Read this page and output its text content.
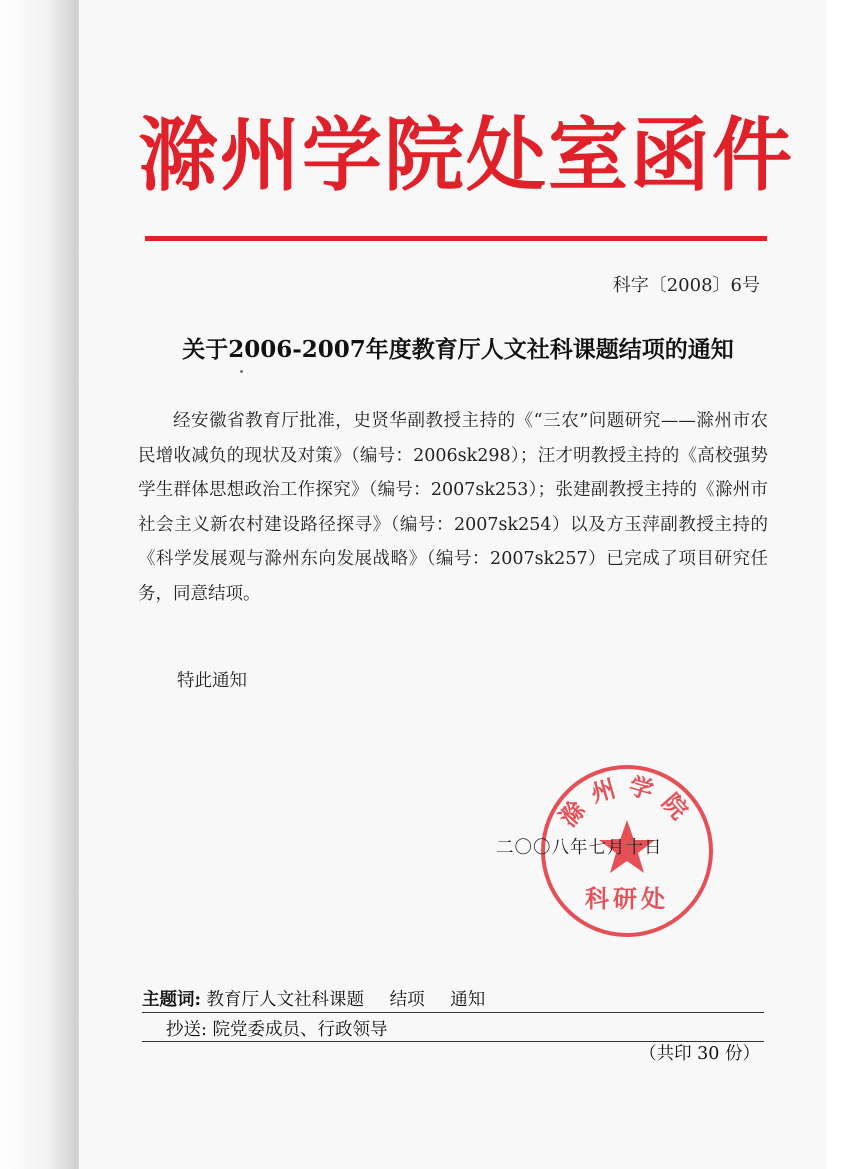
滁州学院处室函件
科字〔2008〕6号
关于2006-2007年度教育厅人文社科课题结项的通知

经安徽省教育厅批准，史贤华副教授主持的《“三农”问题研究——滁州市农民增收减负的现状及对策》（编号：2006sk298）；汪才明教授主持的《高校强势学生群体思想政治工作探究》（编号：2007sk253）；张建副教授主持的《滁州市社会主义新农村建设路径探寻》（编号：2007sk254）以及方玉萍副教授主持的《科学发展观与滁州东向发展战略》（编号：2007sk257）已完成了项目研究任务，同意结项。

特此通知
滁州学院
科研处
二〇〇八年七月十日
主题词: 教育厅人文社科课题 结项 通知
抄送: 院党委成员、行政领导
（共印 30 份）
